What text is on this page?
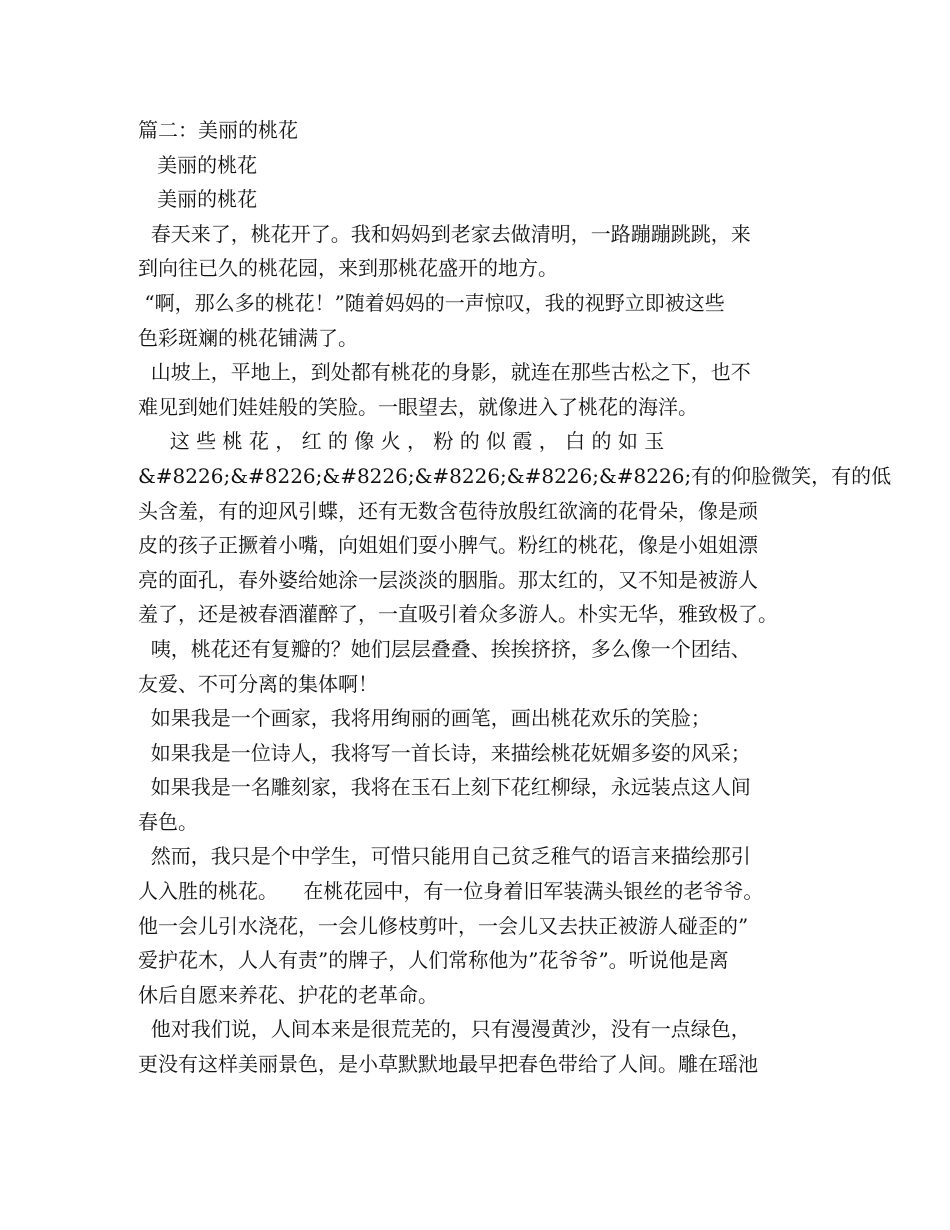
篇二：美丽的桃花
美丽的桃花
美丽的桃花
春天来了，桃花开了。我和妈妈到老家去做清明，一路蹦蹦跳跳，来
到向往已久的桃花园，来到那桃花盛开的地方。
“啊，那么多的桃花！”随着妈妈的一声惊叹，我的视野立即被这些
色彩斑斓的桃花铺满了。
山坡上，平地上，到处都有桃花的身影，就连在那些古松之下，也不
难见到她们娃娃般的笑脸。一眼望去，就像进入了桃花的海洋。
这 些 桃 花 ， 红 的 像 火 ， 粉 的 似 霞 ， 白 的 如 玉
&#8226;&#8226;&#8226;&#8226;&#8226;&#8226;有的仰脸微笑，有的低
头含羞，有的迎风引蝶，还有无数含苞待放殷红欲滴的花骨朵，像是顽
皮的孩子正撅着小嘴，向姐姐们耍小脾气。粉红的桃花，像是小姐姐漂
亮的面孔，春外婆给她涂一层淡淡的胭脂。那太红的，又不知是被游人
羞了，还是被春酒灌醉了，一直吸引着众多游人。朴实无华，雅致极了。
咦，桃花还有复瓣的？她们层层叠叠、挨挨挤挤，多么像一个团结、
友爱、不可分离的集体啊！
如果我是一个画家，我将用绚丽的画笔，画出桃花欢乐的笑脸；
如果我是一位诗人，我将写一首长诗，来描绘桃花妩媚多姿的风采；
如果我是一名雕刻家，我将在玉石上刻下花红柳绿，永远装点这人间
春色。
然而，我只是个中学生，可惜只能用自己贫乏稚气的语言来描绘那引
人入胜的桃花。    在桃花园中，有一位身着旧军装满头银丝的老爷爷。
他一会儿引水浇花，一会儿修枝剪叶，一会儿又去扶正被游人碰歪的”
爱护花木，人人有责”的牌子，人们常称他为”花爷爷”。听说他是离
休后自愿来养花、护花的老革命。
他对我们说，人间本来是很荒芜的，只有漫漫黄沙，没有一点绿色，
更没有这样美丽景色，是小草默默地最早把春色带给了人间。雕在瑶池
